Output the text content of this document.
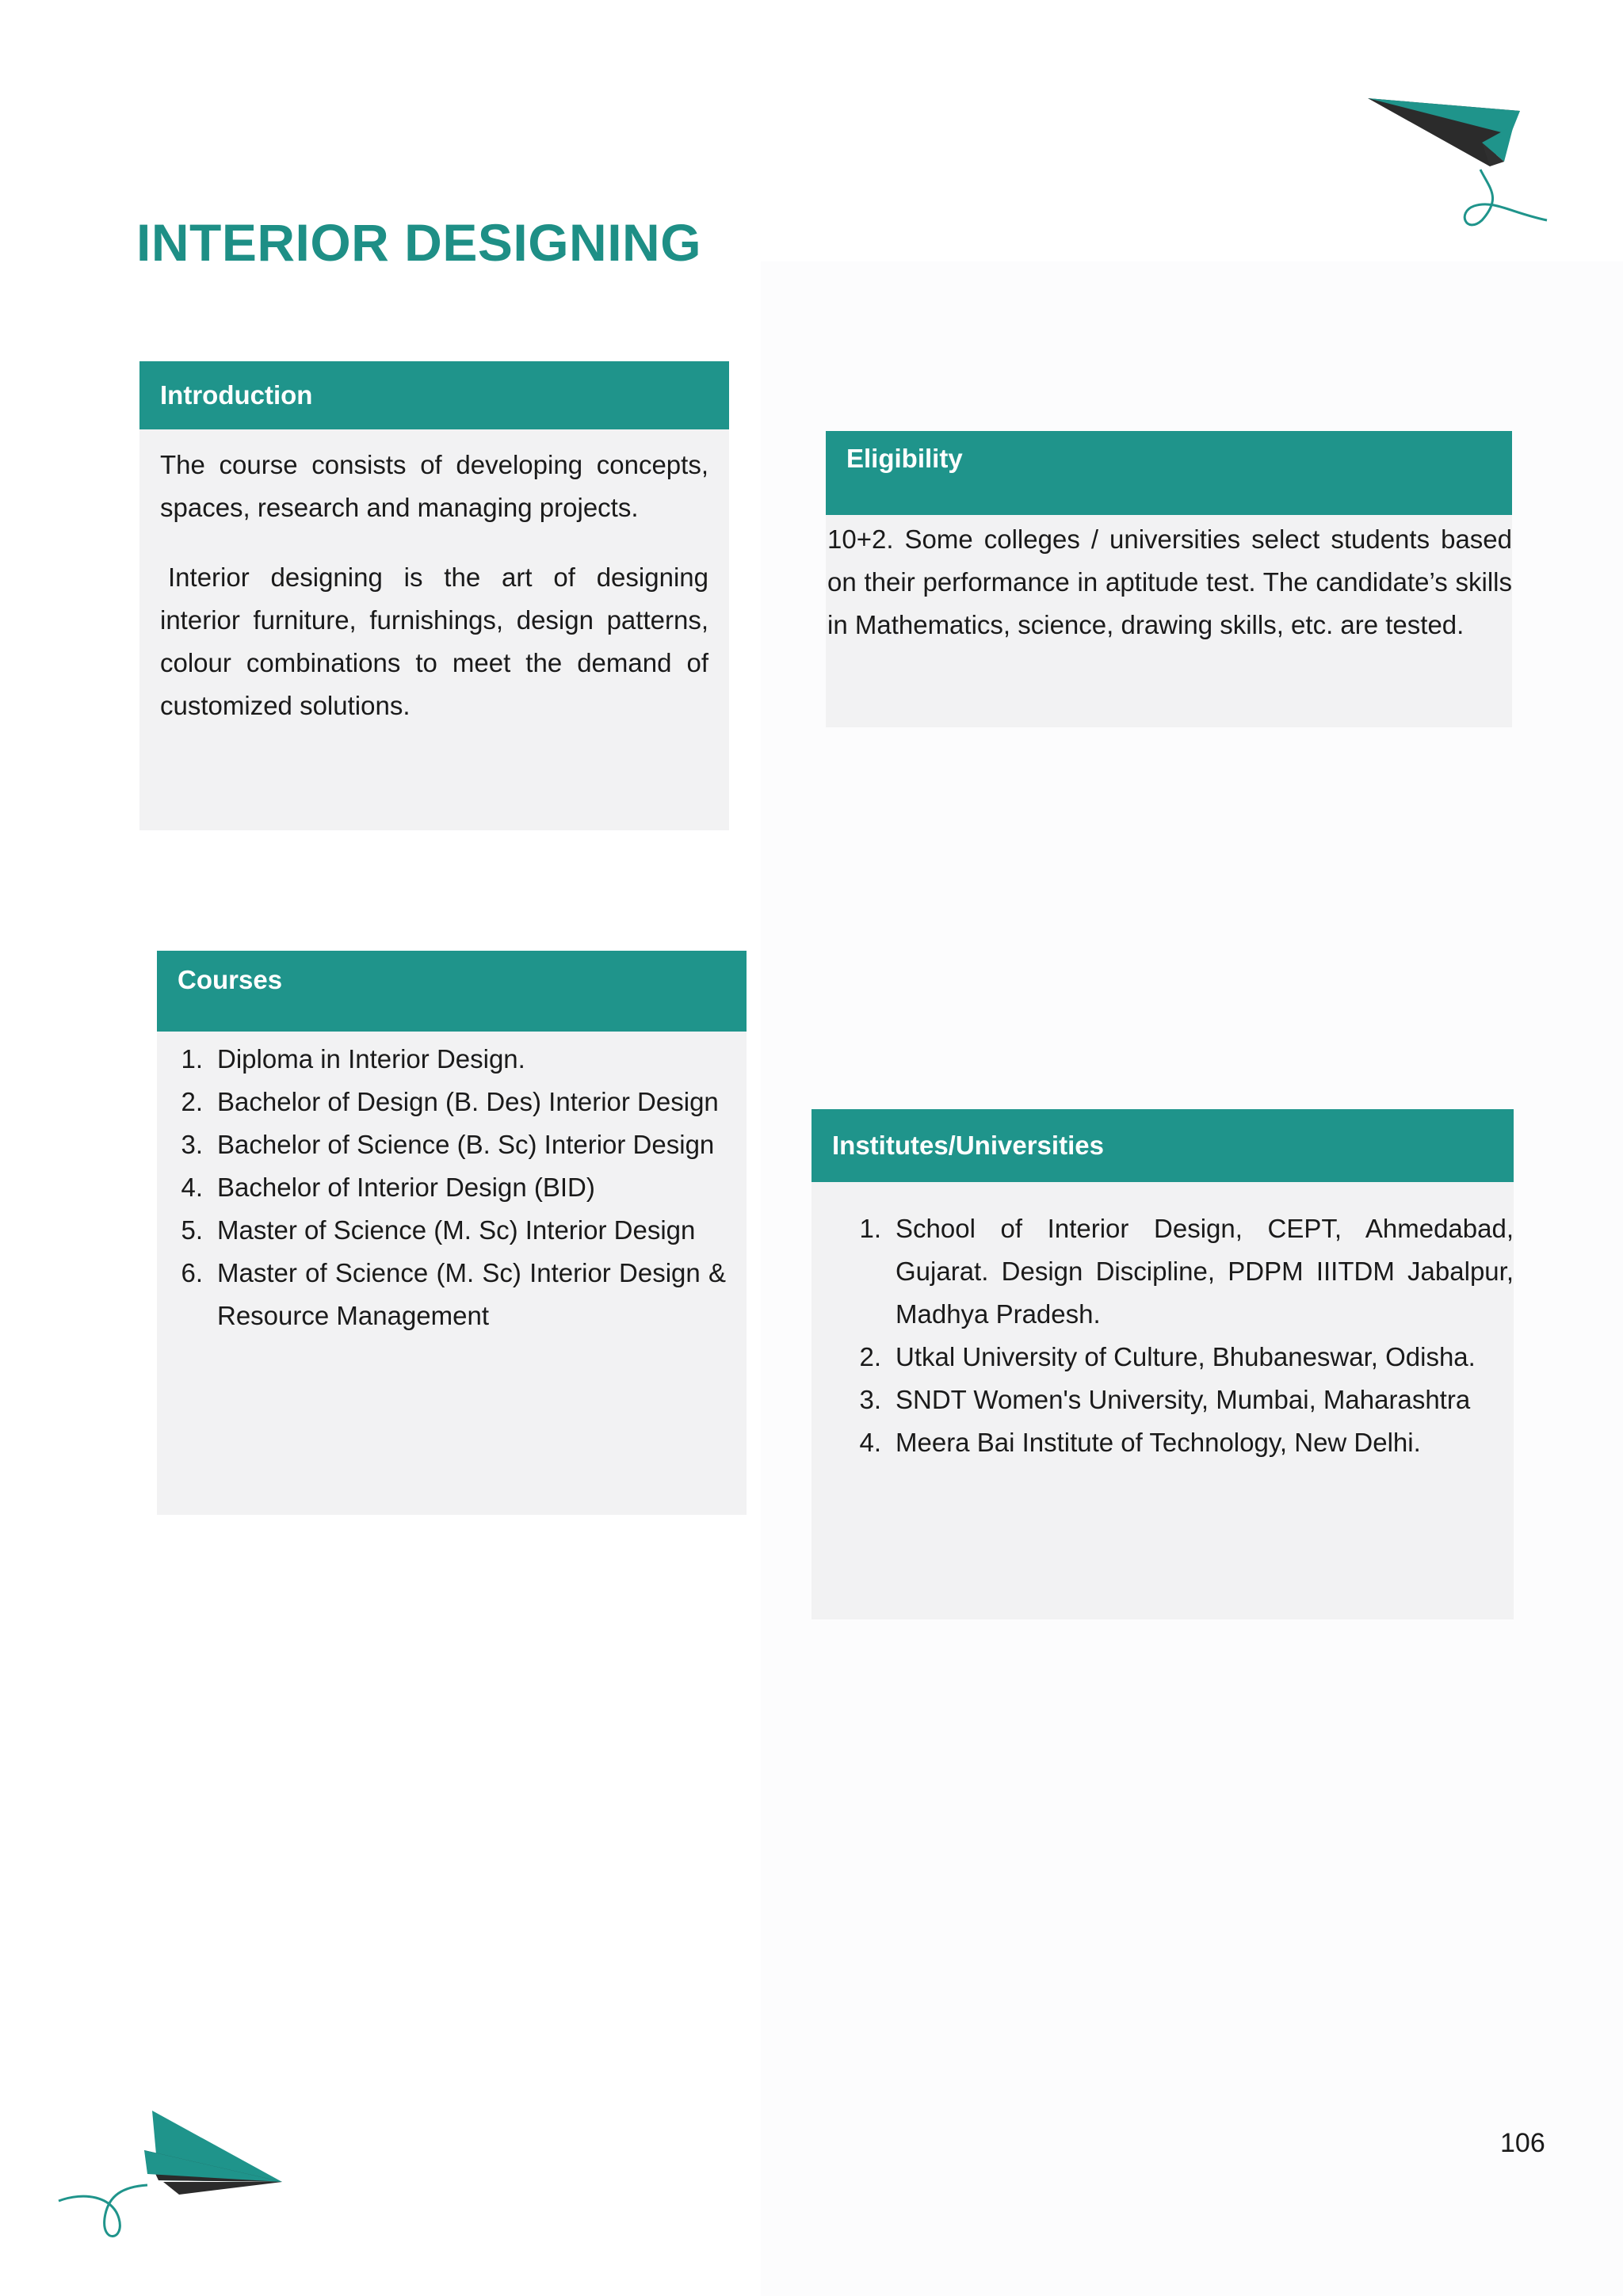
INTERIOR DESIGNING
Introduction

The course consists of developing concepts, spaces, research and managing projects.

Interior designing is the art of designing interior furniture, furnishings, design patterns, colour combinations to meet the demand of customized solutions.

Eligibility

10+2. Some colleges / universities select students based on their performance in aptitude test. The candidate’s skills in Mathematics, science, drawing skills, etc. are tested.

Courses
1. Diploma in Interior Design.
2. Bachelor of Design (B. Des) Interior Design
3. Bachelor of Science (B. Sc) Interior Design
4. Bachelor of Interior Design (BID)
5. Master of Science (M. Sc) Interior Design
6. Master of Science (M. Sc) Interior Design & Resource Management
Institutes/Universities
1. School of Interior Design, CEPT, Ahmedabad, Gujarat. Design Discipline, PDPM IIITDM Jabalpur, Madhya Pradesh.
2. Utkal University of Culture, Bhubaneswar, Odisha.
3. SNDT Women's University, Mumbai, Maharashtra
4. Meera Bai Institute of Technology, New Delhi.
106
